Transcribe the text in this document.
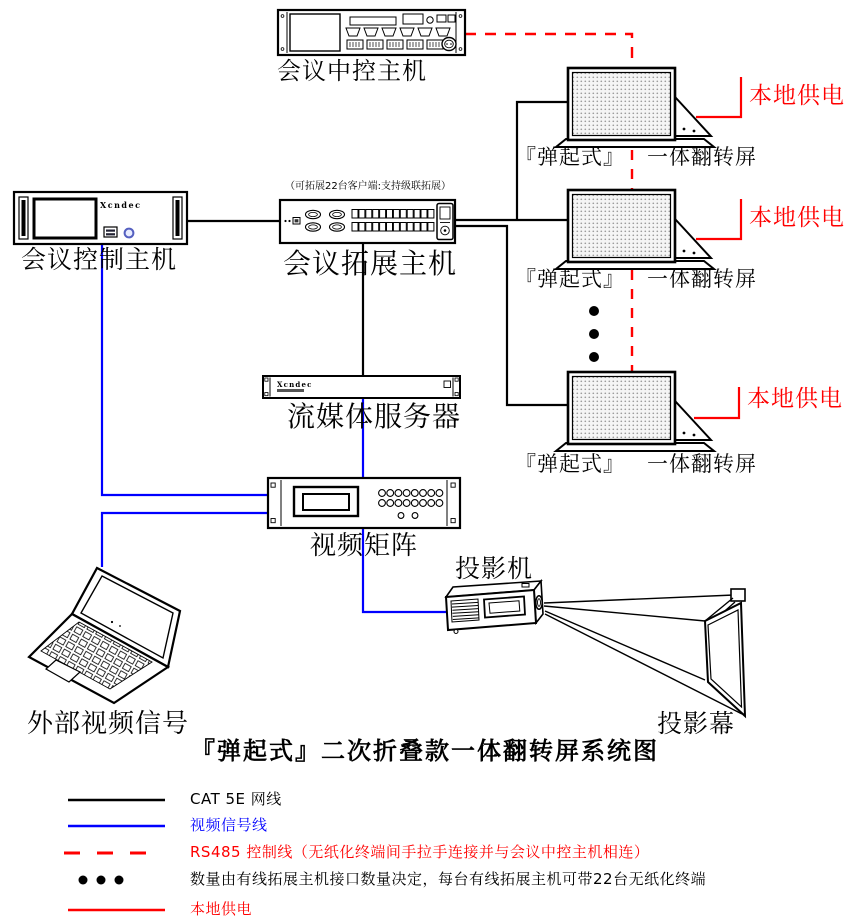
Xcndec
Xcndec
会议中控主机
会议控制主机
（可拓展22台客户端:支持级联拓展）
会议拓展主机
流媒体服务器
视频矩阵
投影机
投影幕
外部视频信号
『弹起式』 一体翻转屏
『弹起式』 一体翻转屏
『弹起式』 一体翻转屏
本地供电
本地供电
本地供电
『弹起式』二次折叠款一体翻转屏系统图
CAT 5E 网线
视频信号线
RS485 控制线（无纸化终端间手拉手连接并与会议中控主机相连）
数量由有线拓展主机接口数量决定，每台有线拓展主机可带22台无纸化终端
本地供电
